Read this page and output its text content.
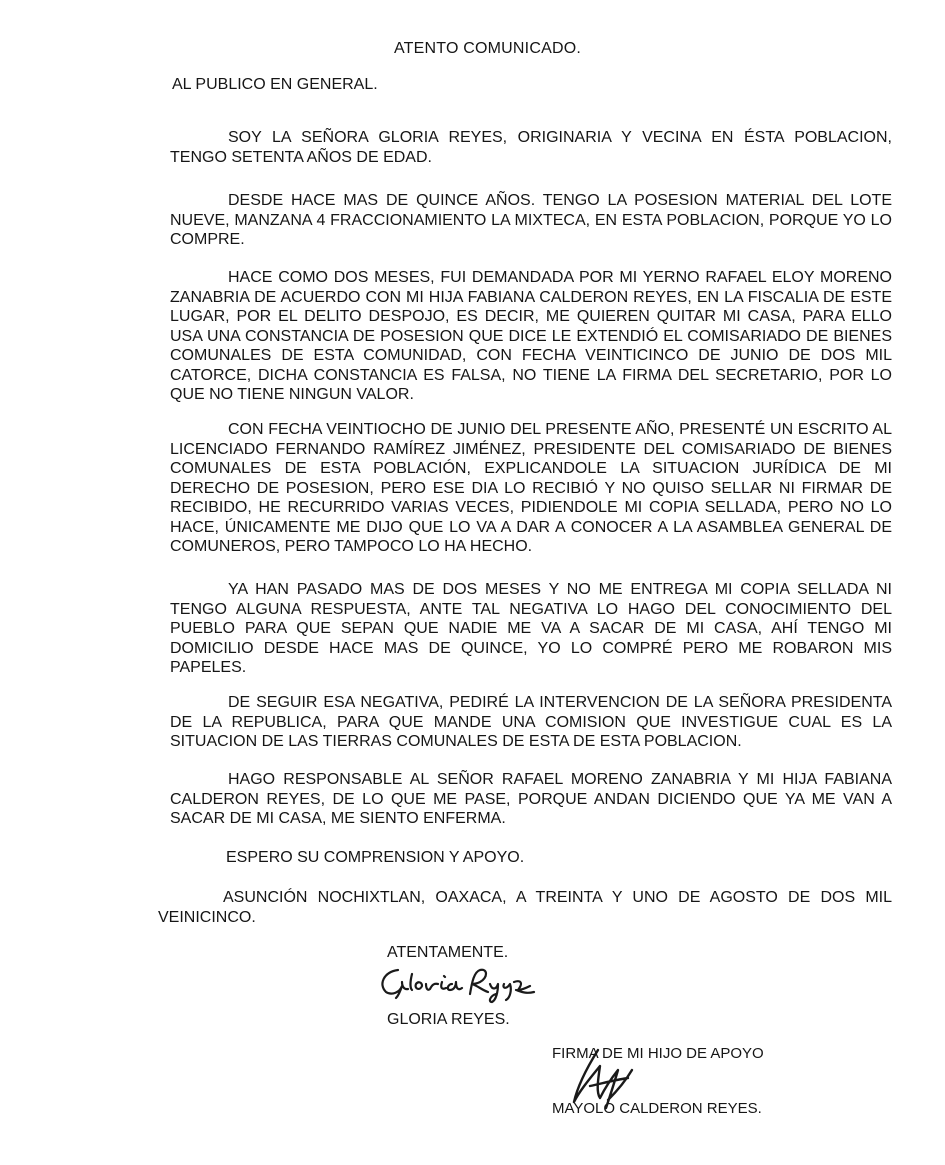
ATENTO COMUNICADO.
AL PUBLICO EN GENERAL.

SOY LA SEÑORA GLORIA REYES, ORIGINARIA Y VECINA EN ÉSTA POBLACION, TENGO SETENTA AÑOS DE EDAD.

DESDE HACE MAS DE QUINCE AÑOS. TENGO LA POSESION MATERIAL DEL LOTE NUEVE, MANZANA 4 FRACCIONAMIENTO LA MIXTECA, EN ESTA POBLACION, PORQUE YO LO COMPRE.

HACE COMO DOS MESES, FUI DEMANDADA POR MI YERNO RAFAEL ELOY MORENO ZANABRIA DE ACUERDO CON MI HIJA FABIANA CALDERON REYES, EN LA FISCALIA DE ESTE LUGAR, POR EL DELITO DESPOJO, ES DECIR, ME QUIEREN QUITAR MI CASA, PARA ELLO USA UNA CONSTANCIA DE POSESION QUE DICE LE EXTENDIÓ EL COMISARIADO DE BIENES COMUNALES DE ESTA COMUNIDAD, CON FECHA VEINTICINCO DE JUNIO DE DOS MIL CATORCE, DICHA CONSTANCIA ES FALSA, NO TIENE LA FIRMA DEL SECRETARIO, POR LO QUE NO TIENE NINGUN VALOR.

CON FECHA VEINTIOCHO DE JUNIO DEL PRESENTE AÑO, PRESENTÉ UN ESCRITO AL LICENCIADO FERNANDO RAMÍREZ JIMÉNEZ, PRESIDENTE DEL COMISARIADO DE BIENES COMUNALES DE ESTA POBLACIÓN, EXPLICANDOLE LA SITUACION JURÍDICA DE MI DERECHO DE POSESION, PERO ESE DIA LO RECIBIÓ Y NO QUISO SELLAR NI FIRMAR DE RECIBIDO, HE RECURRIDO VARIAS VECES, PIDIENDOLE MI COPIA SELLADA, PERO NO LO HACE, ÚNICAMENTE ME DIJO QUE LO VA A DAR A CONOCER A LA ASAMBLEA GENERAL DE COMUNEROS, PERO TAMPOCO LO HA HECHO.

YA HAN PASADO MAS DE DOS MESES Y NO ME ENTREGA MI COPIA SELLADA NI TENGO ALGUNA RESPUESTA, ANTE TAL NEGATIVA LO HAGO DEL CONOCIMIENTO DEL PUEBLO PARA QUE SEPAN QUE NADIE ME VA A SACAR DE MI CASA, AHÍ TENGO MI DOMICILIO DESDE HACE MAS DE QUINCE, YO LO COMPRÉ PERO ME ROBARON MIS PAPELES.

DE SEGUIR ESA NEGATIVA, PEDIRÉ LA INTERVENCION DE LA SEÑORA PRESIDENTA DE LA REPUBLICA, PARA QUE MANDE UNA COMISION QUE INVESTIGUE CUAL ES LA SITUACION DE LAS TIERRAS COMUNALES DE ESTA DE ESTA POBLACION.

HAGO RESPONSABLE AL SEÑOR RAFAEL MORENO ZANABRIA Y MI HIJA FABIANA CALDERON REYES, DE LO QUE ME PASE, PORQUE ANDAN DICIENDO QUE YA ME VAN A SACAR DE MI CASA, ME SIENTO ENFERMA.

ESPERO SU COMPRENSION Y APOYO.

ASUNCIÓN NOCHIXTLAN, OAXACA, A TREINTA Y UNO DE AGOSTO DE DOS MIL VEINICINCO.

ATENTAMENTE.
GLORIA REYES.
FIRMA DE MI HIJO DE APOYO
MAYOLO CALDERON REYES.
